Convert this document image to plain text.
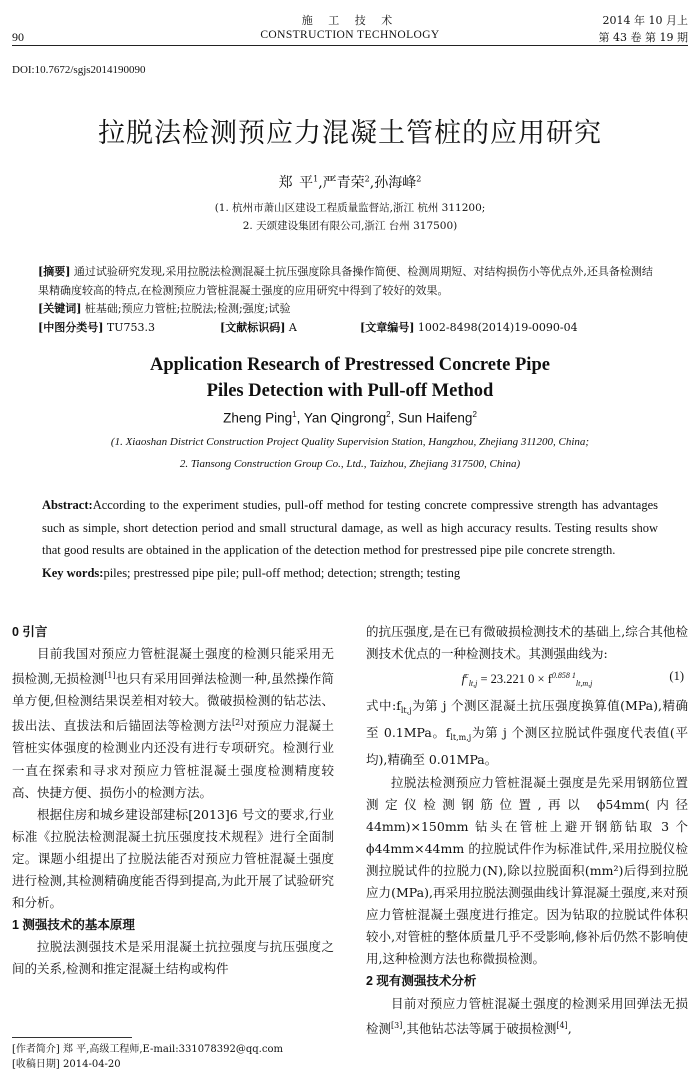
90
施 工 技 术
CONSTRUCTION TECHNOLOGY
2014 年 10 月上
第 43 卷 第 19 期
DOI:10.7672/sgjs2014190090
拉脱法检测预应力混凝土管桩的应用研究
郑 平$^1$,严青荣$^2$,孙海峰$^2$
(1. 杭州市萧山区建设工程质量监督站,浙江 杭州 311200;
2. 天颂建设集团有限公司,浙江 台州 317500)

[摘要] 通过试验研究发现,采用拉脱法检测混凝土抗压强度除具备操作简便、检测周期短、对结构损伤小等优点外,还具备检测结果精确度较高的特点,在检测预应力管桩混凝土强度的应用研究中得到了较好的效果。

[关键词] 桩基础;预应力管桩;拉脱法;检测;强度;试验

[中图分类号] TU753.3	[文献标识码] A	[文章编号] 1002-8498(2014)19-0090-04

Application Research of Prestressed Concrete Pipe
Piles Detection with Pull-off Method
Zheng Ping$^1$, Yan Qingrong$^2$, Sun Haifeng$^2$
(1. Xiaoshan District Construction Project Quality Supervision Station, Hangzhou, Zhejiang 311200, China;
2. Tiansong Construction Group Co., Ltd., Taizhou, Zhejiang 317500, China)

Abstract:According to the experiment studies, pull-off method for testing concrete compressive strength has advantages such as simple, short detection period and small structural damage, as well as high accuracy results. Testing results show that good results are obtained in the application of the detection method for prestressed pipe pile concrete strength.

Key words:piles; prestressed pipe pile; pull-off method; detection; strength; testing

0 引言

目前我国对预应力管桩混凝土强度的检测只能采用无损检测,无损检测[1]也只有采用回弹法检测一种,虽然操作简单方便,但检测结果误差相对较大。微破损检测的钻芯法、拔出法、直拔法和后锚固法等检测方法[2]对预应力混凝土管桩实体强度的检测业内还没有进行专项研究。检测行业一直在探索和寻求对预应力管桩混凝土强度检测精度较高、快捷方便、损伤小的检测方法。

根据住房和城乡建设部建标[2013]6 号文的要求,行业标准《拉脱法检测混凝土抗压强度技术规程》进行全面制定。课题小组提出了拉脱法能否对预应力管桩混凝土强度进行检测,其检测精确度能否得到提高,为此开展了试验研究和分析。

1 测强技术的基本原理

拉脱法测强技术是采用混凝土抗拉强度与抗压强度之间的关系,检测和推定混凝土结构或构件

的抗压强度,是在已有微破损检测技术的基础上,综合其他检测技术优点的一种检测技术。其测强曲线为:

$f^c_{lt,j} = 23.221$ $0 \times f^{0.858 1}_{lt,m,j}$
(1)

式中$:f_{lt,j}$为第 j 个测区混凝土抗压强度换算值(MPa),精确至 0.1MPa。$f_{lt,m,j}$为第 j 个测区拉脱试件强度代表值(平均),精确至 0.01MPa。

拉脱法检测预应力管桩混凝土强度是先采用钢筋位置测定仪检测钢筋位置,再以 ϕ54mm(内径 44mm)×150mm 钻头在管桩上避开钢筋钻取 3 个 ϕ44mm×44mm 的拉脱试件作为标准试件,采用拉脱仪检测拉脱试件的拉脱力(N),除以拉脱面积(mm²)后得到拉脱应力(MPa),再采用拉脱法测强曲线计算混凝土强度,来对预应力管桩混凝土强度进行推定。因为钻取的拉脱试件体积较小,对管桩的整体质量几乎不受影响,修补后仍然不影响使用,这种检测方法也称微损检测。

2 现有测强技术分析

目前对预应力管桩混凝土强度的检测采用回弹法无损检测[3],其他钻芯法等属于破损检测[4],

[作者简介] 郑 平,高级工程师,E-mail:331078392@qq.com
[收稿日期] 2014-04-20
